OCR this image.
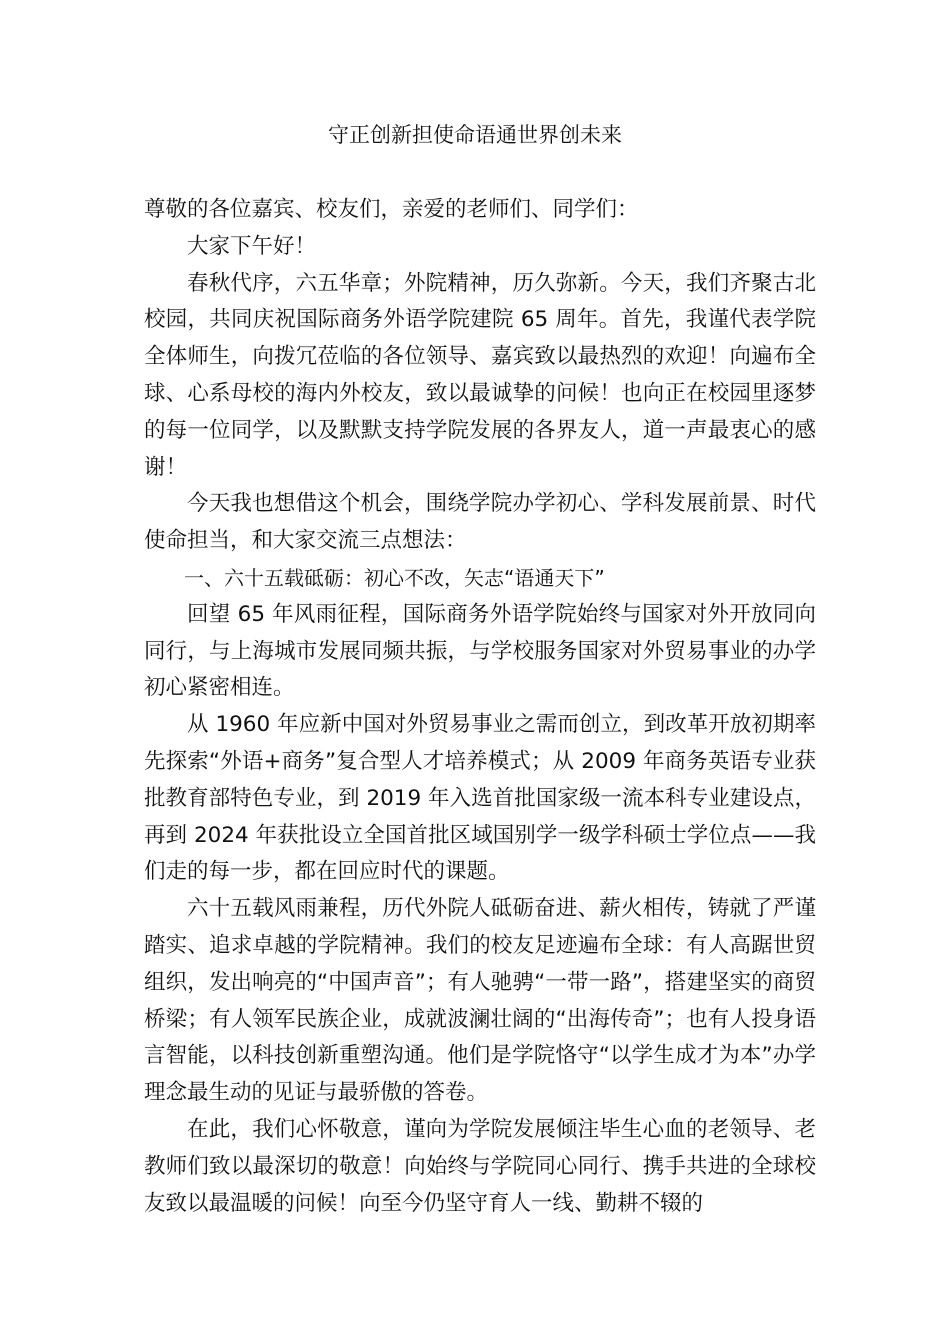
守正创新担使命语通世界创未来

尊敬的各位嘉宾、校友们，亲爱的老师们、同学们：

大家下午好！

春秋代序，六五华章；外院精神，历久弥新。今天，我们齐聚古北校园，共同庆祝国际商务外语学院建院 65 周年。首先，我谨代表学院全体师生，向拨冗莅临的各位领导、嘉宾致以最热烈的欢迎！向遍布全球、心系母校的海内外校友，致以最诚挚的问候！也向正在校园里逐梦的每一位同学，以及默默支持学院发展的各界友人，道一声最衷心的感谢！

今天我也想借这个机会，围绕学院办学初心、学科发展前景、时代使命担当，和大家交流三点想法：

一、六十五载砥砺：初心不改，矢志“语通天下”

回望 65 年风雨征程，国际商务外语学院始终与国家对外开放同向同行，与上海城市发展同频共振，与学校服务国家对外贸易事业的办学初心紧密相连。

从 1960 年应新中国对外贸易事业之需而创立，到改革开放初期率先探索“外语+商务”复合型人才培养模式；从 2009 年商务英语专业获批教育部特色专业，到 2019 年入选首批国家级一流本科专业建设点，再到 2024 年获批设立全国首批区域国别学一级学科硕士学位点——我们走的每一步，都在回应时代的课题。

六十五载风雨兼程，历代外院人砥砺奋进、薪火相传，铸就了严谨踏实、追求卓越的学院精神。我们的校友足迹遍布全球：有人高踞世贸组织，发出响亮的“中国声音”；有人驰骋“一带一路”，搭建坚实的商贸桥梁；有人领军民族企业，成就波澜壮阔的“出海传奇”；也有人投身语言智能，以科技创新重塑沟通。他们是学院恪守“以学生成才为本”办学理念最生动的见证与最骄傲的答卷。

在此，我们心怀敬意，谨向为学院发展倾注毕生心血的老领导、老教师们致以最深切的敬意！向始终与学院同心同行、携手共进的全球校友致以最温暖的问候！向至今仍坚守育人一线、勤耕不辍的
